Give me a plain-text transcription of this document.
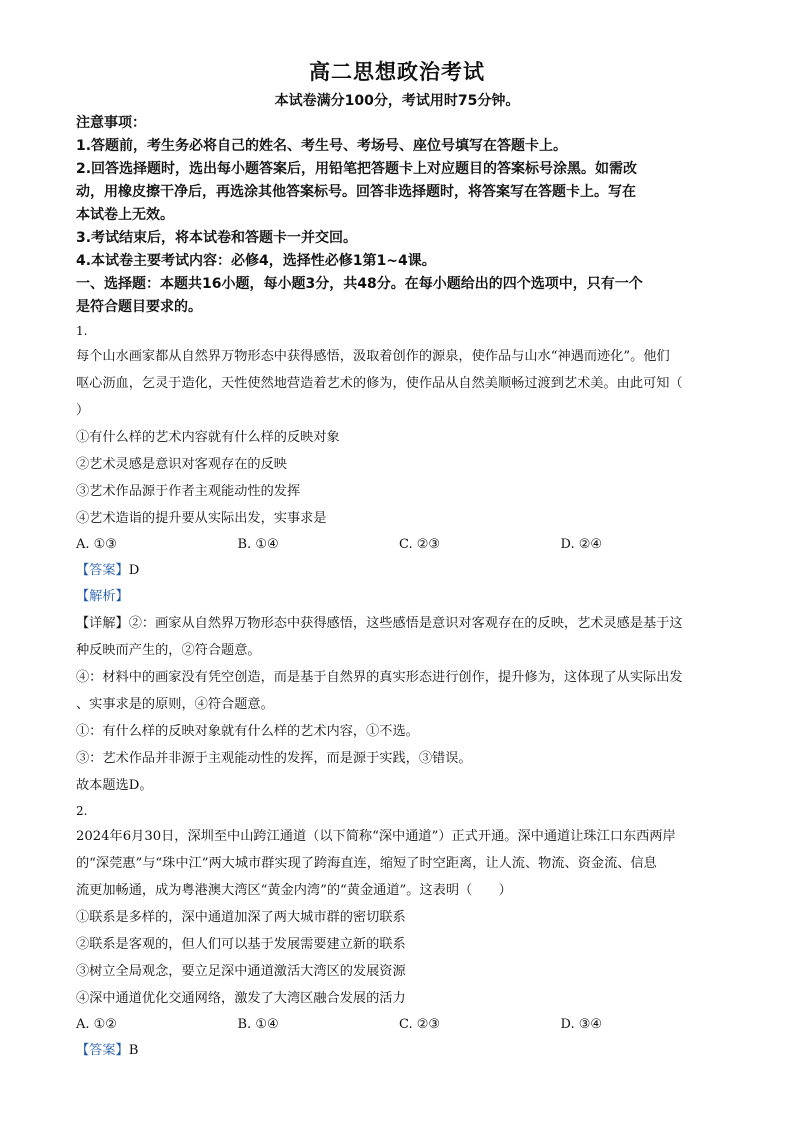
高二思想政治考试
本试卷满分100分，考试用时75分钟。
注意事项：
1.答题前，考生务必将自己的姓名、考生号、考场号、座位号填写在答题卡上。
2.回答选择题时，选出每小题答案后，用铅笔把答题卡上对应题目的答案标号涂黑。如需改
动，用橡皮擦干净后，再选涂其他答案标号。回答非选择题时，将答案写在答题卡上。写在
本试卷上无效。
3.考试结束后，将本试卷和答题卡一并交回。
4.本试卷主要考试内容：必修4，选择性必修1第1~4课。
一、选择题：本题共16小题，每小题3分，共48分。在每小题给出的四个选项中，只有一个
是符合题目要求的。
1.
每个山水画家都从自然界万物形态中获得感悟，汲取着创作的源泉，使作品与山水“神遇而迹化”。他们
呕心沥血，乞灵于造化，天性使然地营造着艺术的修为，使作品从自然美顺畅过渡到艺术美。由此可知（
）
①有什么样的艺术内容就有什么样的反映对象
②艺术灵感是意识对客观存在的反映
③艺术作品源于作者主观能动性的发挥
④艺术造诣的提升要从实际出发，实事求是
A. ①③	B. ①④	C. ②③	D. ②④
【答案】D
【解析】
【详解】②：画家从自然界万物形态中获得感悟，这些感悟是意识对客观存在的反映，艺术灵感是基于这
种反映而产生的，②符合题意。
④：材料中的画家没有凭空创造，而是基于自然界的真实形态进行创作，提升修为，这体现了从实际出发
、实事求是的原则，④符合题意。
①：有什么样的反映对象就有什么样的艺术内容，①不选。
③：艺术作品并非源于主观能动性的发挥，而是源于实践，③错误。
故本题选D。
2.
2024年6月30日，深圳至中山跨江通道（以下简称“深中通道”）正式开通。深中通道让珠江口东西两岸
的“深莞惠”与“珠中江”两大城市群实现了跨海直连，缩短了时空距离，让人流、物流、资金流、信息
流更加畅通，成为粤港澳大湾区“黄金内湾”的“黄金通道”。这表明（　　）
①联系是多样的，深中通道加深了两大城市群的密切联系
②联系是客观的，但人们可以基于发展需要建立新的联系
③树立全局观念，要立足深中通道激活大湾区的发展资源
④深中通道优化交通网络，激发了大湾区融合发展的活力
A. ①②	B. ①④	C. ②③	D. ③④
【答案】B
